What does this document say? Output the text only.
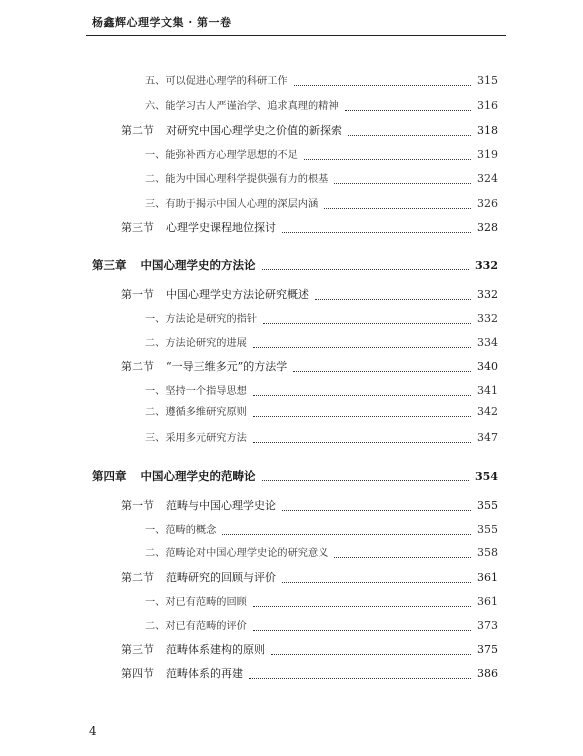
杨鑫辉心理学文集 · 第一卷
五、可以促进心理学的科研工作	315
六、能学习古人严谨治学、追求真理的精神	316
第二节 对研究中国心理学史之价值的新探索	318
一、能弥补西方心理学思想的不足	319
二、能为中国心理科学提供强有力的根基	324
三、有助于揭示中国人心理的深层内涵	326
第三节 心理学史课程地位探讨	328
第三章 中国心理学史的方法论	332
第一节 中国心理学史方法论研究概述	332
一、方法论是研究的指针	332
二、方法论研究的进展	334
第二节 “一导三维多元”的方法学	340
一、坚持一个指导思想	341
二、遵循多维研究原则	342
三、采用多元研究方法	347
第四章 中国心理学史的范畴论	354
第一节 范畴与中国心理学史论	355
一、范畴的概念	355
二、范畴论对中国心理学史论的研究意义	358
第二节 范畴研究的回顾与评价	361
一、对已有范畴的回顾	361
二、对已有范畴的评价	373
第三节 范畴体系建构的原则	375
第四节 范畴体系的再建	386
4
